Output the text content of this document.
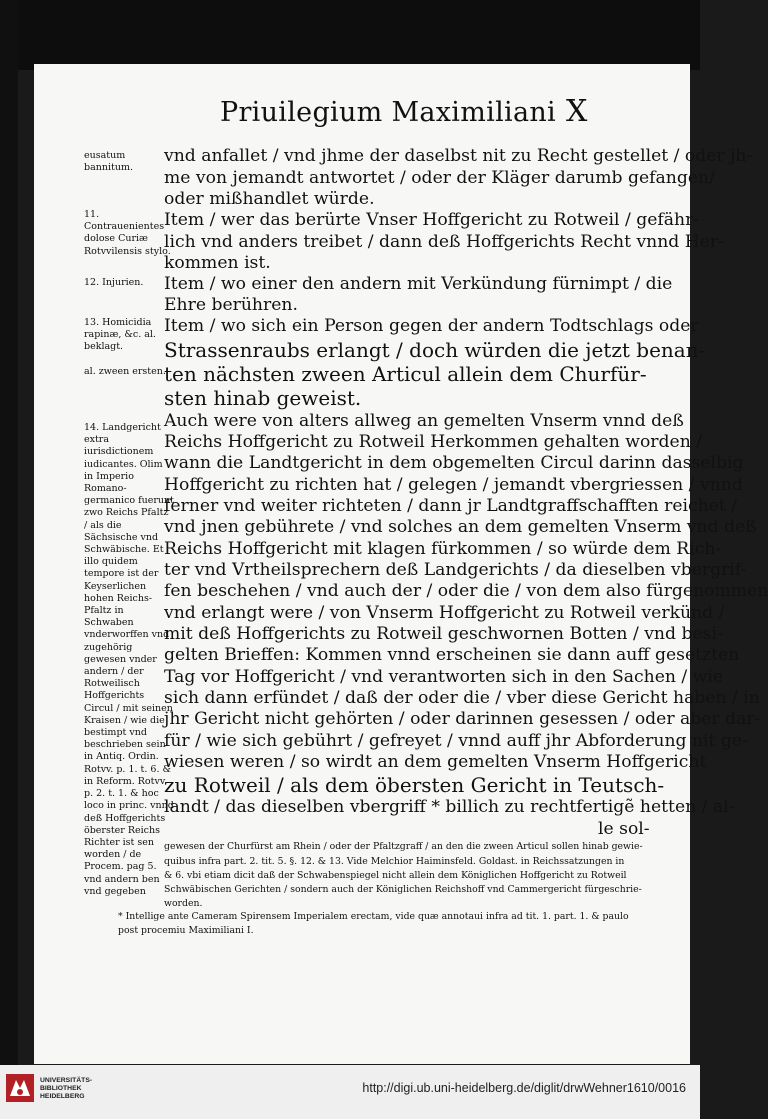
Priuilegium Maximiliani X
vnd anfallet / vnd jhme der daselbst nit zu Recht gestellet / oder jh-
me von jemandt antwortet / oder der Kläger darumb gefangen/
oder mißhandlet würde.
Item / wer das berürte Vnser Hoffgericht zu Rotweil / gefähr-
lich vnd anders treibet / dann deß Hoffgerichts Recht vnnd Her-
kommen ist.
Item / wo einer den andern mit Verkündung fürnimpt / die
Ehre berühren.
Item / wo sich ein Person gegen der andern Todtschlags oder
Strassenraubs erlangt / doch würden die jetzt benan-
ten nächsten zween Articul allein dem Churfür-
sten hinab geweist.
Auch were von alters allweg an gemelten Vnserm vnnd deß
Reichs Hoffgericht zu Rotweil Herkommen gehalten worden /
wann die Landtgericht in dem obgemelten Circul darinn dasselbig
Hoffgericht zu richten hat / gelegen / jemandt vbergriessen / vnnd
ferner vnd weiter richteten / dann jr Landtgraffschafften reichet /
vnd jnen gebührete / vnd solches an dem gemelten Vnserm vnd deß
Reichs Hoffgericht mit klagen fürkommen / so würde dem Rich-
ter vnd Vrtheilsprechern deß Landgerichts / da dieselben vbergrif-
fen beschehen / vnd auch der / oder die / von dem also fürgenommen
vnd erlangt were / von Vnserm Hoffgericht zu Rotweil verkünd /
mit deß Hoffgerichts zu Rotweil geschwornen Botten / vnd besi-
gelten Brieffen: Kommen vnnd erscheinen sie dann auff gesetzten
Tag vor Hoffgericht / vnd verantworten sich in den Sachen / wie
sich dann erfündet / daß der oder die / vber diese Gericht haben / in
jhr Gericht nicht gehörten / oder darinnen gesessen / oder aber dar-
für / wie sich gebührt / gefreyet / vnnd auff jhr Abforderung nit ge-
wiesen weren / so wirdt an dem gemelten Vnserm Hoffgericht
zu Rotweil / als dem öbersten Gericht in Teutsch-
landt / das dieselben vbergriff * billich zu rechtfertigẽ hetten / al-
le sol-
eusatum bannitum.
11. Contrauenientes dolose Curiæ Rotvvilensis stylo.
12. Injurien.
13. Homicidia rapinæ, &c. al. beklagt.
al. zween ersten.
14. Landgericht extra iurisdictionem iudicantes. Olim in Imperio Romano-germanico fuerunt zwo Reichs Pfaltz / als die Sächsische vnd Schwäbische. Et illo quidem tempore ist der Keyserlichen hohen Reichs-Pfaltz in Schwaben vnderworffen vnd zugehörig gewesen vnder andern / der Rotweilisch Hoffgerichts Circul / mit seinen Kraisen / wie die bestimpt vnd beschrieben sein in Antiq. Ordin. Rotvv. p. 1. t. 6. & in Reform. Rotvv. p. 2. t. 1. & hoc loco in princ. vnnd deß Hoffgerichts öberster Reichs Richter ist sen worden / de Procem. pag 5. vnd andern ben vnd gegeben
gewesen der Churfürst am Rhein / oder der Pfaltzgraff / an den die zween Articul sollen hinab gewie-
quibus infra part. 2. tit. 5. §. 12. & 13. Vide Melchior Haiminsfeld. Goldast. in Reichssatzungen in
& 6. vbi etiam dicit daß der Schwabenspiegel nicht allein dem Königlichen Hoffgericht zu Rotweil
Schwäbischen Gerichten / sondern auch der Königlichen Reichshoff vnd Cammergericht fürgeschrie-
worden.
* Intellige ante Cameram Spirensem Imperialem erectam, vide quæ annotaui infra ad tit. 1. part. 1. & paulo
post procemiu Maximiliani I.
UNIVERSITÄTS-
BIBLIOTHEK
HEIDELBERG
http://digi.ub.uni-heidelberg.de/diglit/drwWehner1610/0016
